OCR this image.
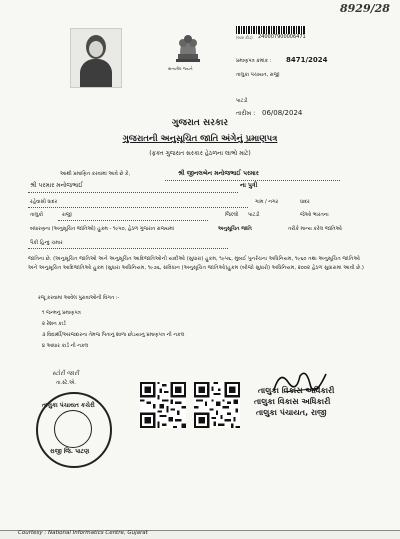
8929/28
સત્યમેવ જયતે
240007900006471
(બાર કોડ)
પ્રમાણપત્ર ક્રમાંક : 8471/2024
તાલુકા પંચાયત, રાજી
પાટડી
તારીખ : 06/08/2024
ગુજરાત સરકાર
ગુજરાતની અનુસૂચિત જાતિ અંગેનું પ્રમાણપત્ર
(ફક્ત ગુજરાત સરકાર હેઠળના લાભો માટે)
આથી પ્રમાણિત કરવામાં આવે છે કે,	શ્રી જીનલબેન મનોજભાઈ પરમાર
શ્રી પરમાર મનોજભાઈ	ના પુત્રી
રહેવાસી ધાદર	ગામ / નગર	ધાદર
તાલુકો	રાજી	જિલ્લો પાટડી	જેઓ ભારતના
બંધારણના (અનુસૂચિત જાતિઓ) હુકમ - ૧૯૫૦, હેઠળ ગુજરાત રાજ્યમાં	અનુસૂચિત જાતિ	તરીકે માન્ય કરેલ જાતિઓ
પૈકી હિન્દુ ચમાર
જાતિના છે. (અનુસૂચિત જાતિઓ અને અનુસૂચિત આદિજાતિઓની યાદીઓ (સુધારા) હુકમ, ૧૯૫૬, મુંબઈ પુનર્રચના અધિનિયમ, ૧૯૬૦ તથા અનુસૂચિત જાતિઓ અને અનુસૂચિત આદિજાતિઓ હુકમ (સુધારા અધિનિયમ, ૧૯૭૬, સંવિધાન (અનુસૂચિત જાતિઓ)હુકમ (બીજો સુધારો) અધિનિયમ, ૨૦૦૨ હેઠળ સુધારામાં આવી છે.)
રજૂ કરવામાં આવેલ પુરાવાઓની વિગત :-
૧ જન્મનું પ્રમાણપત્ર
૨ રેશન કાર્ડ
૩ વિદ્યાર્થી/અરજદારના તેમજ પિતાનું શાળા છોડયાનું પ્રમાણપત્ર ની નકલ
૪ આધાર કાર્ડ ની નકલ
સ્ટોરી જારી
તા.સ્ટે.એ.
તાલુકા પંચાયત કચેરી
રાજી જિ. પાટણ
તાલુકા વિકાસ અધિકારી
તાલુકા વિકાસ અધિકારી
તાલુકા પંચાયત, રાજી
Courtesy : National Informatics Centre, Gujarat
